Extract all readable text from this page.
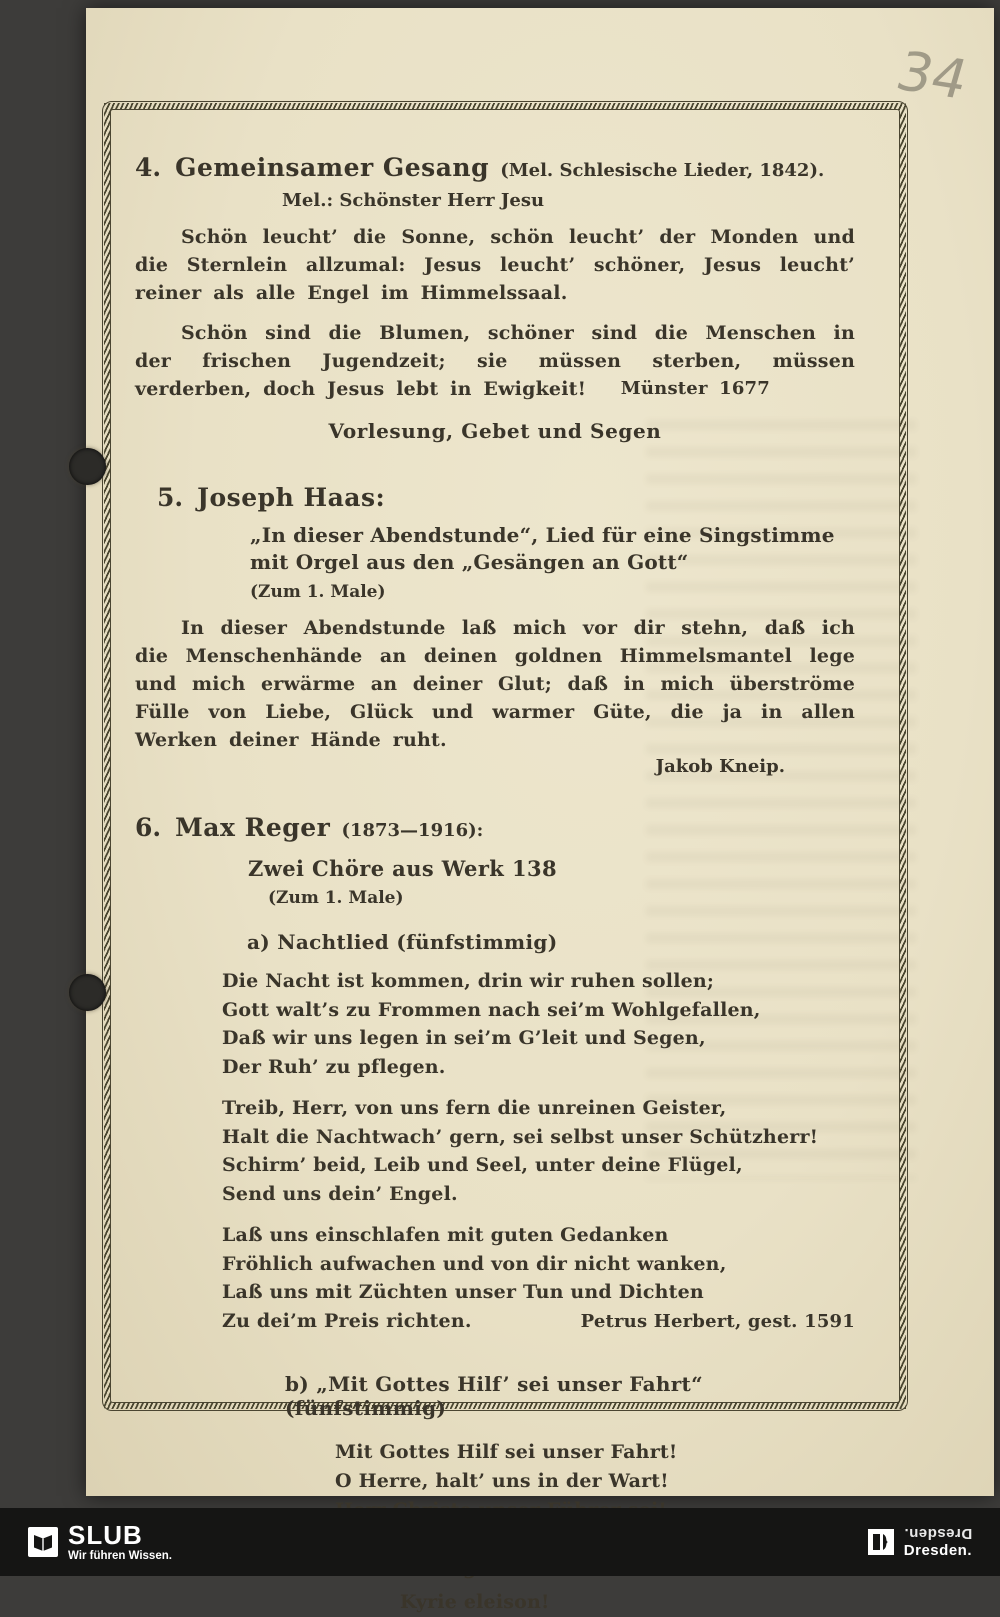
34
4. Gemeinsamer Gesang (Mel. Schlesische Lieder, 1842).
Mel.: Schönster Herr Jesu

Schön leucht’ die Sonne, schön leucht’ der Monden und die Sternlein allzumal: Jesus leucht’ schöner, Jesus leucht’ reiner als alle Engel im Himmelssaal.

Schön sind die Blumen, schöner sind die Menschen in der frischen Jugendzeit; sie müssen sterben, müssen verderben, doch Jesus lebt in Ewigkeit!	Münster 1677

Vorlesung, Gebet und Segen
5. Joseph Haas:
„In dieser Abendstunde“, Lied für eine Singstimme
mit Orgel aus den „Gesängen an Gott“
(Zum 1. Male)

In dieser Abendstunde laß mich vor dir stehn, daß ich die Menschenhände an deinen goldnen Himmelsmantel lege und mich erwärme an deiner Glut; daß in mich überströme Fülle von Liebe, Glück und warmer Güte, die ja in allen Werken deiner Hände ruht.

Jakob Kneip.
6. Max Reger (1873—1916):
Zwei Chöre aus Werk 138
(Zum 1. Male)
a) Nachtlied (fünfstimmig)
Die Nacht ist kommen, drin wir ruhen sollen;
Gott walt’s zu Frommen nach sei’m Wohlgefallen,
Daß wir uns legen in sei’m G’leit und Segen,
Der Ruh’ zu pflegen.
Treib, Herr, von uns fern die unreinen Geister,
Halt die Nachtwach’ gern, sei selbst unser Schützherr!
Schirm’ beid, Leib und Seel, unter deine Flügel,
Send uns dein’ Engel.
Laß uns einschlafen mit guten Gedanken
Fröhlich aufwachen und von dir nicht wanken,
Laß uns mit Züchten unser Tun und Dichten
Zu dei’m Preis richten.	Petrus Herbert, gest. 1591
b) „Mit Gottes Hilf’ sei unser Fahrt“ (fünfstimmig)
Mit Gottes Hilf sei unser Fahrt!
O Herre, halt’ uns in der Wart!
Kyrie eleison!
SLUB
Wir führen Wissen.
Dresden.
Dresden.
